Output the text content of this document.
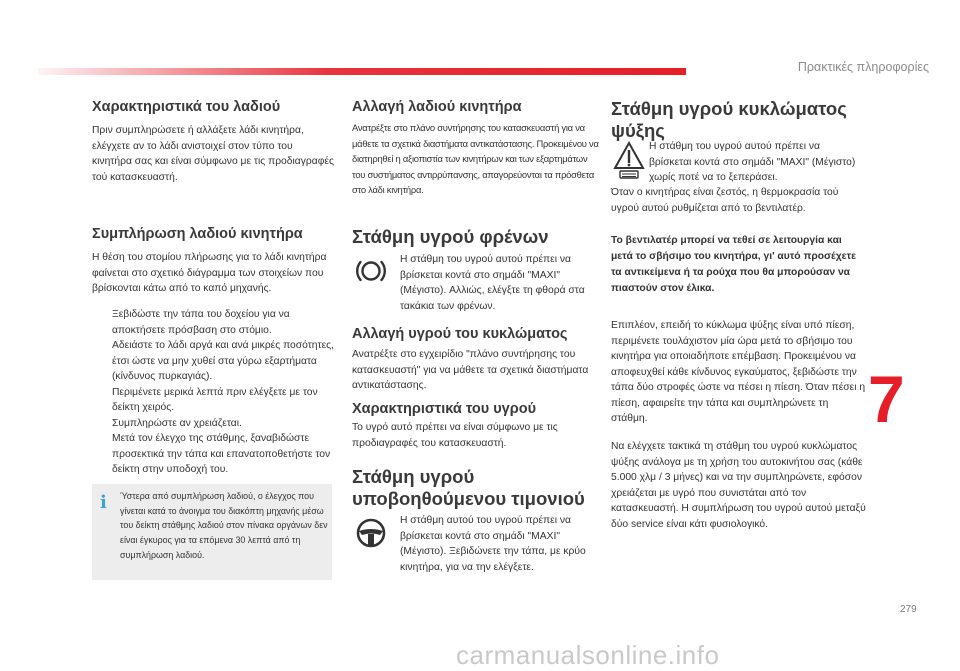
Πρακτικές πληροφορίες
Χαρακτηριστικά του λαδιού

Πριν συμπληρώσετε ή αλλάξετε λάδι κινητήρα, ελέγχετε αν το λάδι ανιστοιχεί στον τύπο του κινητήρα σας και είναι σύμφωνο με τις προδιαγραφές τού κατασκευαστή.

Συμπλήρωση λαδιού κινητήρα

Η θέση του στομίου πλήρωσης για το λάδι κινητήρα φαίνεται στο σχετικό διάγραμμα των στοιχείων που βρίσκονται κάτω από το καπό μηχανής.

Ξεβιδώστε την τάπα του δοχείου για να αποκτήσετε πρόσβαση στο στόμιο.
Αδειάστε το λάδι αργά και ανά μικρές ποσότητες, έτσι ώστε να μην χυθεί στα γύρω εξαρτήματα (κίνδυνος πυρκαγιάς).
Περιμένετε μερικά λεπτά πριν ελέγξετε με τον δείκτη χειρός.
Συμπληρώστε αν χρειάζεται.
Μετά τον έλεγχο της στάθμης, ξαναβιδώστε προσεκτικά την τάπα και επανατοποθετήστε τον δείκτη στην υποδοχή του.
i Ύστερα από συμπλήρωση λαδιού, ο έλεγχος που γίνεται κατά το άνοιγμα του διακόπτη μηχανής μέσω του δείκτη στάθμης λαδιού στον πίνακα οργάνων δεν είναι έγκυρος για τα επόμενα 30 λεπτά από τη συμπλήρωση λαδιού.

Αλλαγή λαδιού κινητήρα

Ανατρέξτε στο πλάνο συντήρησης του κατασκευαστή για να μάθετε τα σχετικά διαστήματα αντικατάστασης. Προκειμένου να διατηρηθεί η αξιοπιστία των κινητήρων και των εξαρτημάτων του συστήματος αντιρρύπανσης, απαγορεύονται τα πρόσθετα στο λάδι κινητήρα.

Στάθμη υγρού φρένων

Η στάθμη του υγρού αυτού πρέπει να βρίσκεται κοντά στο σημάδι "MAXI" (Μέγιστο). Αλλιώς, ελέγξτε τη φθορά στα τακάκια των φρένων.

Αλλαγή υγρού του κυκλώματος

Ανατρέξτε στο εγχειρίδιο "πλάνο συντήρησης του κατασκευαστή" για να μάθετε τα σχετικά διαστήματα αντικατάστασης.

Χαρακτηριστικά του υγρού

Το υγρό αυτό πρέπει να είναι σύμφωνο με τις προδιαγραφές του κατασκευαστή.

Στάθμη υγρού
υποβοηθούμενου τιμονιού

Η στάθμη αυτού του υγρού πρέπει να βρίσκεται κοντά στο σημάδι "MAXI" (Μέγιστο). Ξεβιδώνετε την τάπα, με κρύο κινητήρα, για να την ελέγξετε.

Στάθμη υγρού κυκλώματος
ψύξης

Η στάθμη του υγρού αυτού πρέπει να βρίσκεται κοντά στο σημάδι "MAXI" (Μέγιστο) χωρίς ποτέ να το ξεπεράσει.

Όταν ο κινητήρας είναι ζεστός, η θερμοκρασία τού υγρού αυτού ρυθμίζεται από το βεντιλατέρ.

Το βεντιλατέρ μπορεί να τεθεί σε λειτουργία και μετά το σβήσιμο του κινητήρα, γι' αυτό προσέχετε τα αντικείμενα ή τα ρούχα που θα μπορούσαν να πιαστούν στον έλικα.

Επιπλέον, επειδή το κύκλωμα ψύξης είναι υπό πίεση, περιμένετε τουλάχιστον μία ώρα μετά το σβήσιμο του κινητήρα για οποιαδήποτε επέμβαση. Προκειμένου να αποφευχθεί κάθε κίνδυνος εγκαύματος, ξεβιδώστε την τάπα δύο στροφές ώστε να πέσει η πίεση. Όταν πέσει η πίεση, αφαιρείτε την τάπα και συμπληρώνετε τη στάθμη.

Να ελέγχετε τακτικά τη στάθμη του υγρού κυκλώματος ψύξης ανάλογα με τη χρήση του αυτοκινήτου σας (κάθε 5.000 χλμ / 3 μήνες) και να την συμπληρώνετε, εφόσον χρειάζεται με υγρό που συνιστάται από τον κατασκευαστή. Η συμπλήρωση του υγρού αυτού μεταξύ δύο service είναι κάτι φυσιολογικό.

7
279
carmanualsonline.info
